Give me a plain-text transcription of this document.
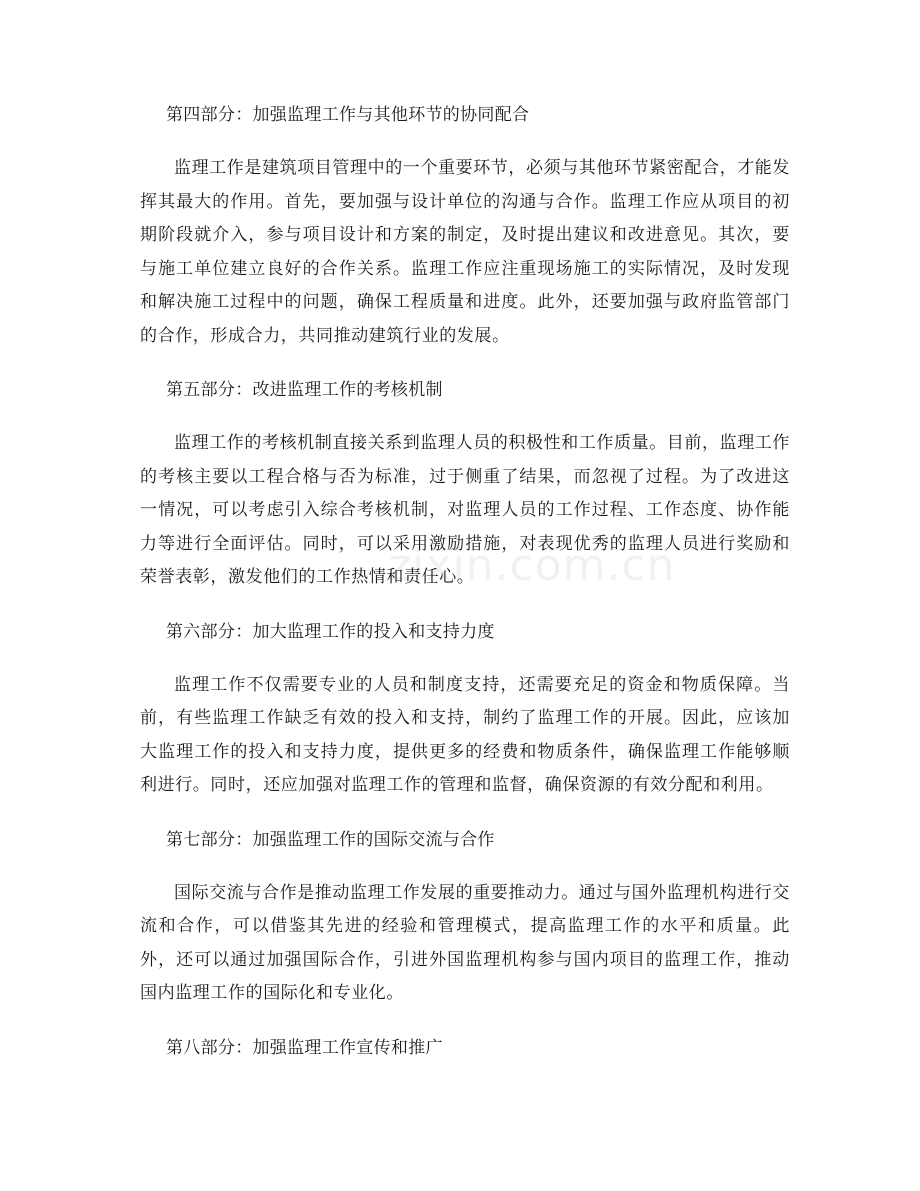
第四部分：加强监理工作与其他环节的协同配合

监理工作是建筑项目管理中的一个重要环节，必须与其他环节紧密配合，才能发挥其最大的作用。首先，要加强与设计单位的沟通与合作。监理工作应从项目的初期阶段就介入，参与项目设计和方案的制定，及时提出建议和改进意见。其次，要与施工单位建立良好的合作关系。监理工作应注重现场施工的实际情况，及时发现和解决施工过程中的问题，确保工程质量和进度。此外，还要加强与政府监管部门的合作，形成合力，共同推动建筑行业的发展。

第五部分：改进监理工作的考核机制

监理工作的考核机制直接关系到监理人员的积极性和工作质量。目前，监理工作的考核主要以工程合格与否为标准，过于侧重了结果，而忽视了过程。为了改进这一情况，可以考虑引入综合考核机制，对监理人员的工作过程、工作态度、协作能力等进行全面评估。同时，可以采用激励措施，对表现优秀的监理人员进行奖励和荣誉表彰，激发他们的工作热情和责任心。

第六部分：加大监理工作的投入和支持力度

监理工作不仅需要专业的人员和制度支持，还需要充足的资金和物质保障。当前，有些监理工作缺乏有效的投入和支持，制约了监理工作的开展。因此，应该加大监理工作的投入和支持力度，提供更多的经费和物质条件，确保监理工作能够顺利进行。同时，还应加强对监理工作的管理和监督，确保资源的有效分配和利用。

第七部分：加强监理工作的国际交流与合作

国际交流与合作是推动监理工作发展的重要推动力。通过与国外监理机构进行交流和合作，可以借鉴其先进的经验和管理模式，提高监理工作的水平和质量。此外，还可以通过加强国际合作，引进外国监理机构参与国内项目的监理工作，推动国内监理工作的国际化和专业化。

第八部分：加强监理工作宣传和推广
zixin.com.cn
